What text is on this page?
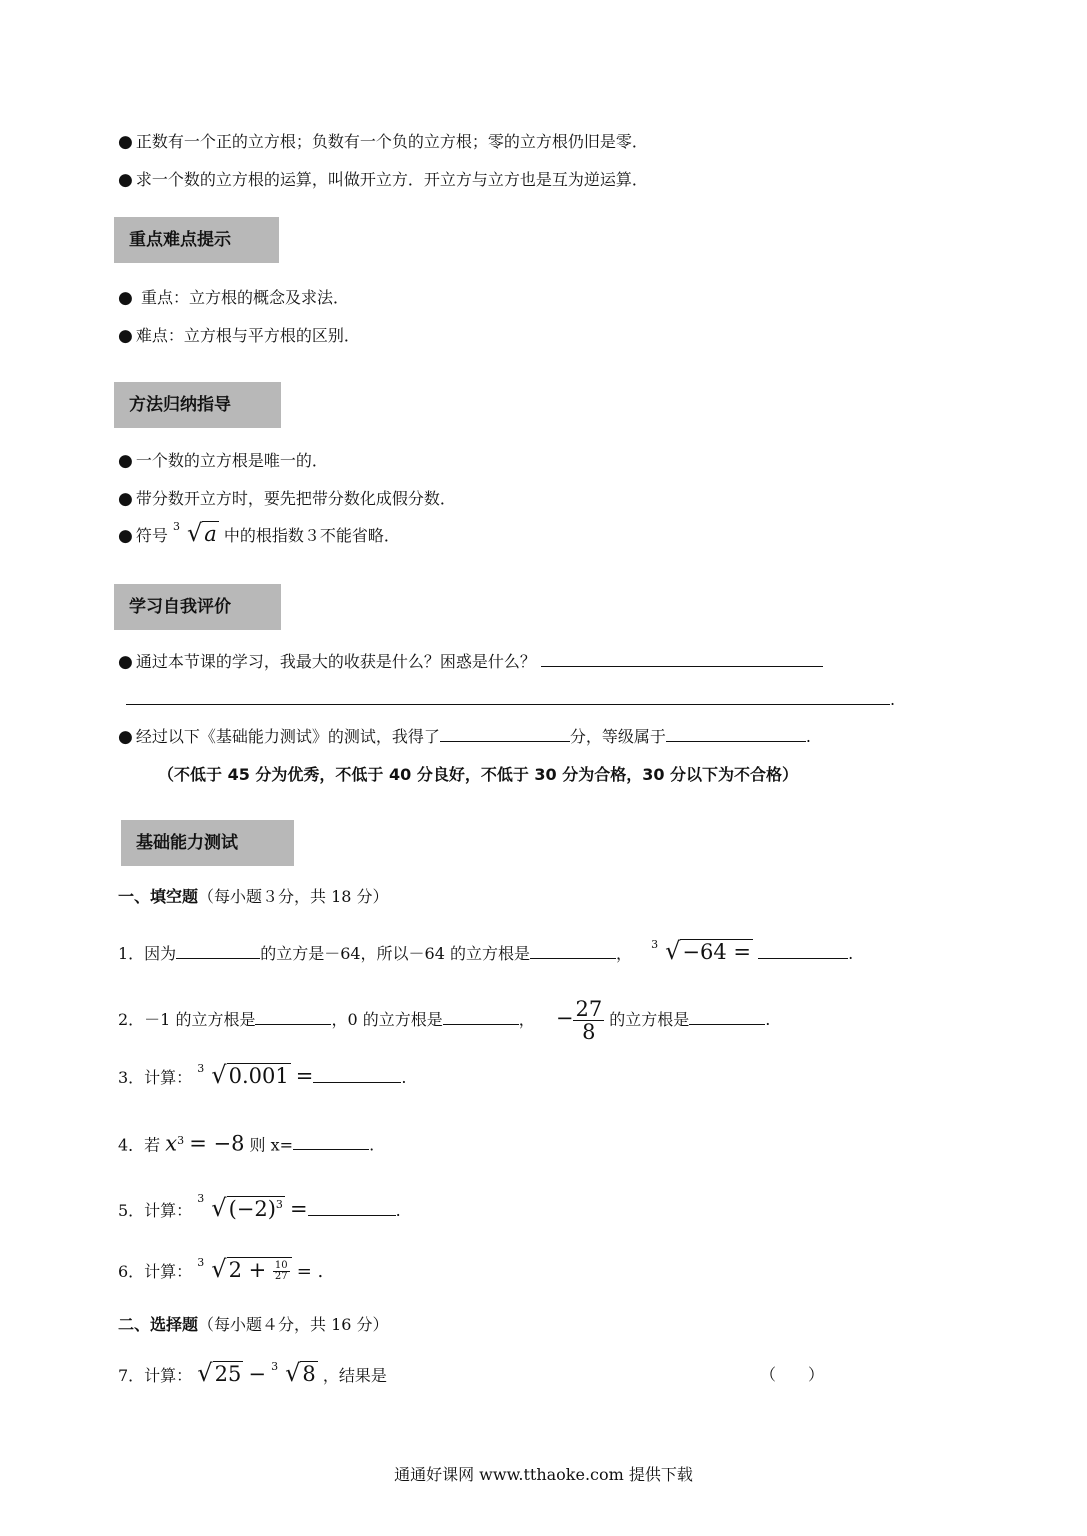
● 正数有一个正的立方根；负数有一个负的立方根；零的立方根仍旧是零．
● 求一个数的立方根的运算，叫做开立方．开立方与立方也是互为逆运算．
重点难点提示
● 重点：立方根的概念及求法．
● 难点：立方根与平方根的区别．
方法归纳指导
● 一个数的立方根是唯一的．
● 带分数开立方时，要先把带分数化成假分数．
● 符号 3 √a 中的根指数３不能省略．
学习自我评价
● 通过本节课的学习，我最大的收获是什么？困惑是什么？
.
● 经过以下《基础能力测试》的测试，我得了	分，等级属于	.
（不低于 45 分为优秀，不低于 40 分良好，不低于 30 分为合格，30 分以下为不合格）
基础能力测试
一、填空题（每小题３分，共 18 分）
1．因为	的立方是－64，所以－64 的立方根是	， 3 √−64 =	.
2．－1 的立方根是	，0 的立方根是	， − $\frac{27}{8}$ 的立方根是	.
3．计算： 3 √0.001 =	.
4．若 $x^3 = -8$ 则 x=	.
5．计算：
3 $√(-2)^3$ =	.
6．计算： 3 $√2 + \frac{10}{27}$ = .
二、选择题（每小题４分，共 16 分）
7．计算： √25 − 3 √8 ，结果是	（　　）
通通好课网 www.tthaoke.com 提供下载
